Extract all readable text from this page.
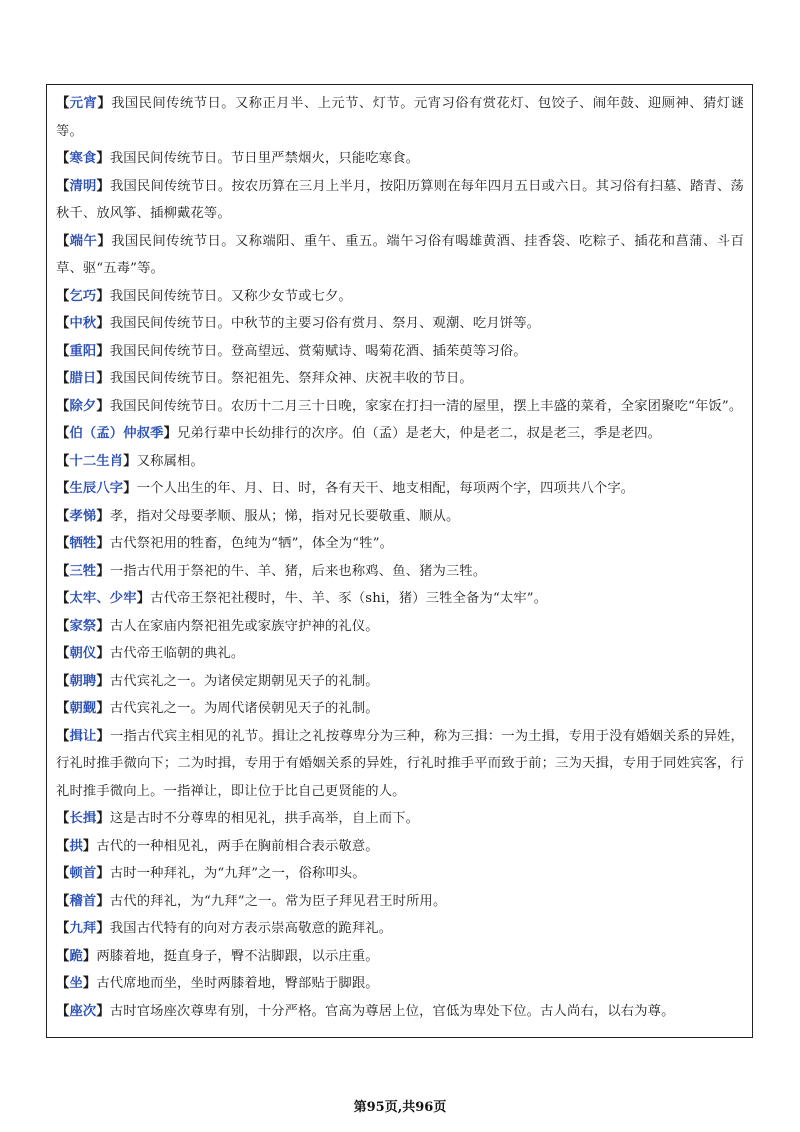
【元宵】我国民间传统节日。又称正月半、上元节、灯节。元宵习俗有赏花灯、包饺子、闹年鼓、迎厕神、猜灯谜等。

【寒食】我国民间传统节日。节日里严禁烟火，只能吃寒食。

【清明】我国民间传统节日。按农历算在三月上半月，按阳历算则在每年四月五日或六日。其习俗有扫墓、踏青、荡秋千、放风筝、插柳戴花等。

【端午】我国民间传统节日。又称端阳、重午、重五。端午习俗有喝雄黄酒、挂香袋、吃粽子、插花和菖蒲、斗百草、驱“五毒”等。

【乞巧】我国民间传统节日。又称少女节或七夕。

【中秋】我国民间传统节日。中秋节的主要习俗有赏月、祭月、观潮、吃月饼等。

【重阳】我国民间传统节日。登高望远、赏菊赋诗、喝菊花酒、插茱萸等习俗。

【腊日】我国民间传统节日。祭祀祖先、祭拜众神、庆祝丰收的节日。

【除夕】我国民间传统节日。农历十二月三十日晚，家家在打扫一清的屋里，摆上丰盛的菜肴，全家团聚吃“年饭”。

【伯（孟）仲叔季】兄弟行辈中长幼排行的次序。伯（孟）是老大，仲是老二，叔是老三，季是老四。

【十二生肖】又称属相。

【生辰八字】一个人出生的年、月、日、时，各有天干、地支相配，每项两个字，四项共八个字。

【孝悌】孝，指对父母要孝顺、服从；悌，指对兄长要敬重、顺从。

【牺牲】古代祭祀用的牲畜，色纯为“牺”，体全为“牲”。

【三牲】一指古代用于祭祀的牛、羊、猪，后来也称鸡、鱼、猪为三牲。

【太牢、少牢】古代帝王祭祀社稷时，牛、羊、豕（shi，猪）三牲全备为“太牢”。

【家祭】古人在家庙内祭祀祖先或家族守护神的礼仪。

【朝仪】古代帝王临朝的典礼。

【朝聘】古代宾礼之一。为诸侯定期朝见天子的礼制。

【朝觐】古代宾礼之一。为周代诸侯朝见天子的礼制。

【揖让】一指古代宾主相见的礼节。揖让之礼按尊卑分为三种，称为三揖：一为土揖，专用于没有婚姻关系的异姓，行礼时推手微向下；二为时揖，专用于有婚姻关系的异姓，行礼时推手平而致于前；三为天揖，专用于同姓宾客，行礼时推手微向上。一指禅让，即让位于比自己更贤能的人。

【长揖】这是古时不分尊卑的相见礼，拱手高举，自上而下。

【拱】古代的一种相见礼，两手在胸前相合表示敬意。

【顿首】古时一种拜礼，为“九拜”之一，俗称叩头。

【稽首】古代的拜礼，为“九拜”之一。常为臣子拜见君王时所用。

【九拜】我国古代特有的向对方表示崇高敬意的跪拜礼。

【跪】两膝着地，挺直身子，臀不沾脚跟，以示庄重。

【坐】古代席地而坐，坐时两膝着地，臀部贴于脚跟。

【座次】古时官场座次尊卑有别，十分严格。官高为尊居上位，官低为卑处下位。古人尚右，以右为尊。

第95页,共96页
